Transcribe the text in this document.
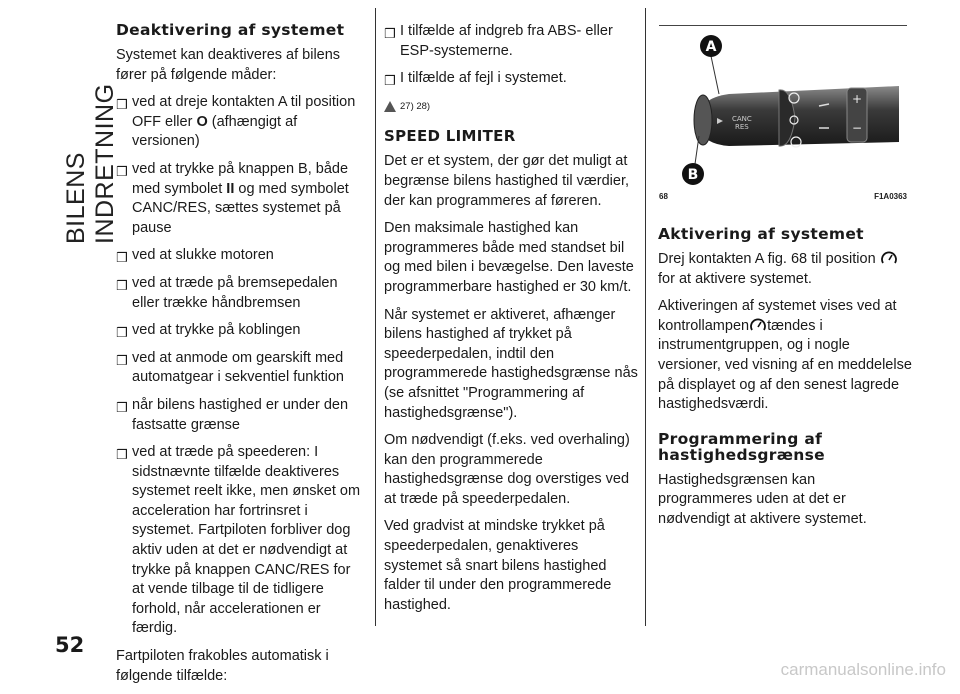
BILENS INDRETNING
Deaktivering af systemet

Systemet kan deaktiveres af bilens fører på følgende måder:

❒ ved at dreje kontakten A til position OFF eller O (afhængigt af versionen)
❒ ved at trykke på knappen B, både med symbolet II og med symbolet CANC/RES, sættes systemet på pause
❒ ved at slukke motoren
❒ ved at træde på bremsepedalen eller trække håndbremsen
❒ ved at trykke på koblingen
❒ ved at anmode om gearskift med automatgear i sekventiel funktion
❒ når bilens hastighed er under den fastsatte grænse
❒ ved at træde på speederen: I sidstnævnte tilfælde deaktiveres systemet reelt ikke, men ønsket om acceleration har fortrinsret i systemet. Fartpiloten forbliver dog aktiv uden at det er nødvendigt at trykke på knappen CANC/RES for at vende tilbage til de tidligere forhold, når accelerationen er færdig.

Fartpiloten frakobles automatisk i følgende tilfælde:

❒ I tilfælde af indgreb fra ABS- eller ESP-systemerne.
❒ I tilfælde af fejl i systemet.
27) 28)
SPEED LIMITER

Det er et system, der gør det muligt at begrænse bilens hastighed til værdier, der kan programmeres af føreren.

Den maksimale hastighed kan programmeres både med standset bil og med bilen i bevægelse. Den laveste programmerbare hastighed er 30 km/t.

Når systemet er aktiveret, afhænger bilens hastighed af trykket på speederpedalen, indtil den programmerede hastighedsgrænse nås (se afsnittet "Programmering af hastighedsgrænse").

Om nødvendigt (f.eks. ved overhaling) kan den programmerede hastighedsgrænse dog overstiges ved at træde på speederpedalen.

Ved gradvist at mindske trykket på speederpedalen, genaktiveres systemet så snart bilens hastighed falder til under den programmerede hastighed.

+
−
CANC
RES
A
B
68	F1A0363
Aktivering af systemet

Drej kontakten A fig. 68 til position for at aktivere systemet.

Aktiveringen af systemet vises ved at kontrollampen tændes i instrumentgruppen, og i nogle versioner, ved visning af en meddelelse på displayet og af den senest lagrede hastighedsværdi.

Programmering af hastighedsgrænse

Hastighedsgrænsen kan programmeres uden at det er nødvendigt at aktivere systemet.

52
carmanualsonline.info
